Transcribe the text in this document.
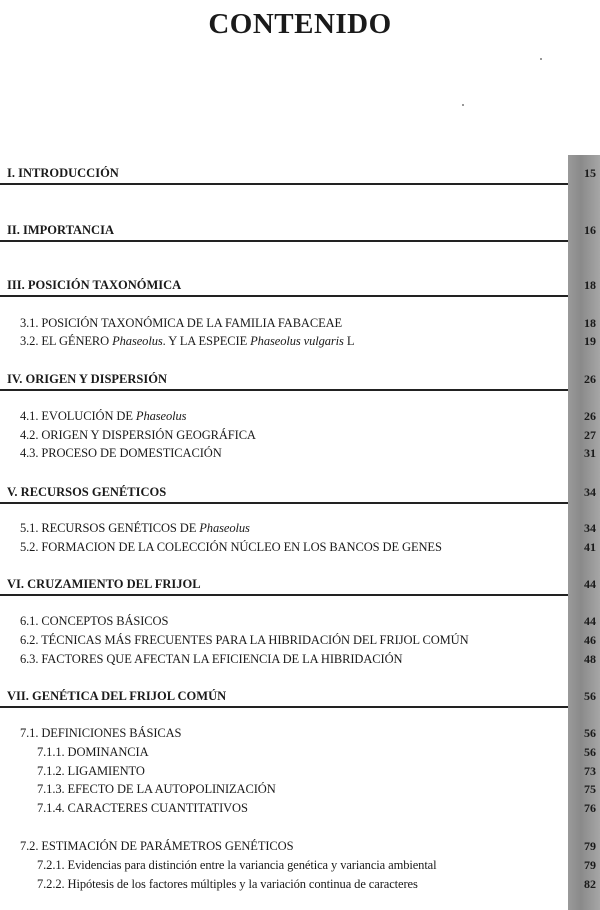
CONTENIDO
I. INTRODUCCIÓN	15
II. IMPORTANCIA	16
III. POSICIÓN TAXONÓMICA	18
3.1. POSICIÓN TAXONÓMICA DE LA FAMILIA FABACEAE	18
3.2. EL GÉNERO Phaseolus. Y LA ESPECIE Phaseolus vulgaris L	19
IV. ORIGEN Y DISPERSIÓN	26
4.1. EVOLUCIÓN DE Phaseolus	26
4.2. ORIGEN Y DISPERSIÓN GEOGRÁFICA	27
4.3. PROCESO DE DOMESTICACIÓN	31
V. RECURSOS GENÉTICOS	34
5.1. RECURSOS GENÉTICOS DE Phaseolus	34
5.2. FORMACION DE LA COLECCIÓN NÚCLEO EN LOS BANCOS DE GENES	41
VI. CRUZAMIENTO DEL FRIJOL	44
6.1. CONCEPTOS BÁSICOS	44
6.2. TÉCNICAS MÁS FRECUENTES PARA LA HIBRIDACIÓN DEL FRIJOL COMÚN	46
6.3. FACTORES QUE AFECTAN LA EFICIENCIA DE LA HIBRIDACIÓN	48
VII. GENÉTICA DEL FRIJOL COMÚN	56
7.1. DEFINICIONES BÁSICAS	56
7.1.1. DOMINANCIA	56
7.1.2. LIGAMIENTO	73
7.1.3. EFECTO DE LA AUTOPOLINIZACIÓN	75
7.1.4. CARACTERES CUANTITATIVOS	76
7.2. ESTIMACIÓN DE PARÁMETROS GENÉTICOS	79
7.2.1. Evidencias para distinción entre la variancia genética y variancia ambiental	79
7.2.2. Hipótesis de los factores múltiples y la variación continua de caracteres	82
